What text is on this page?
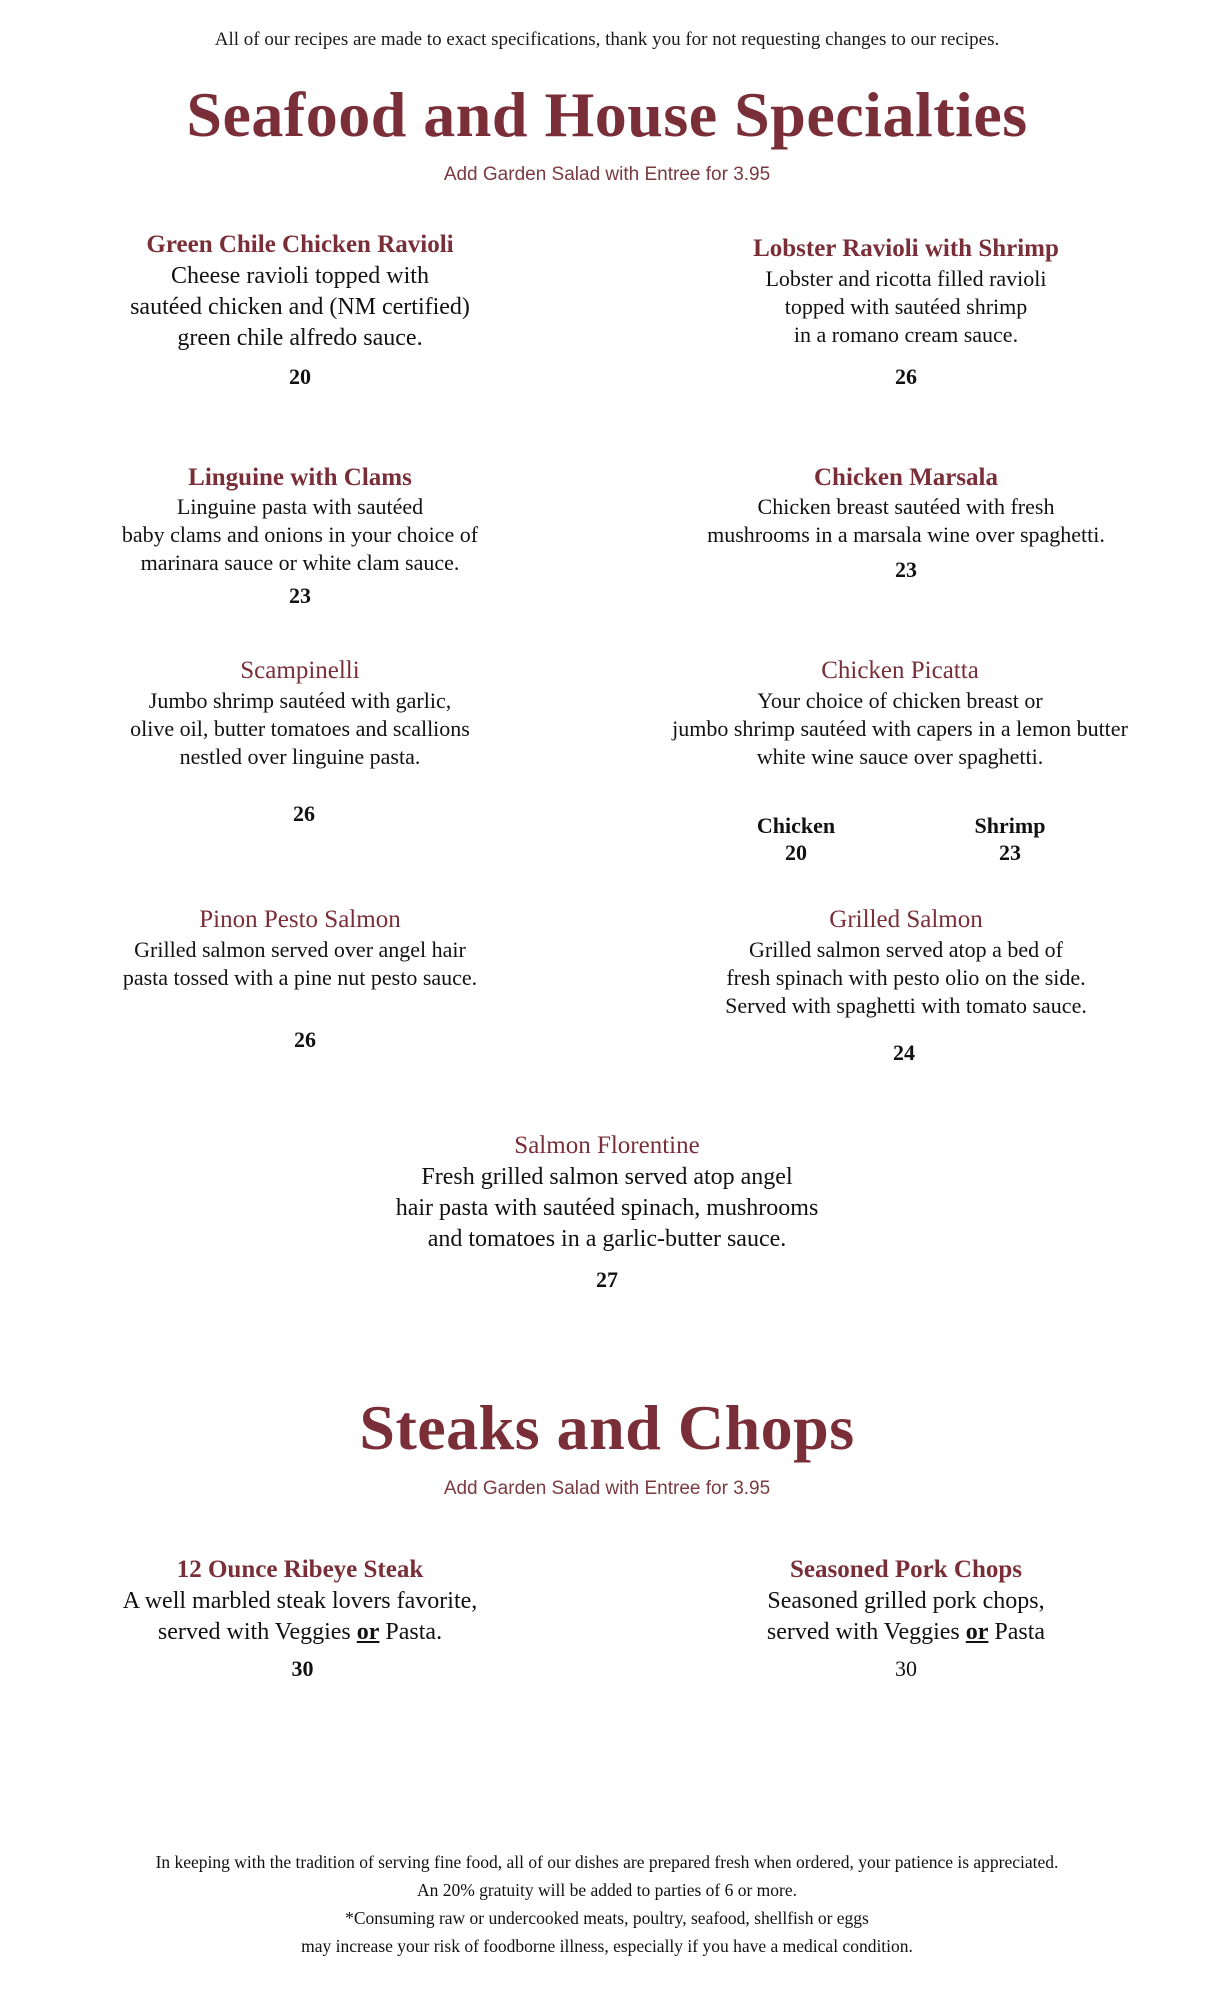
All of our recipes are made to exact specifications, thank you for not requesting changes to our recipes.
Seafood and House Specialties
Add Garden Salad with Entree for 3.95
Green Chile Chicken Ravioli
Cheese ravioli topped with
sautéed chicken and (NM certified)
green chile alfredo sauce.
20
Lobster Ravioli with Shrimp
Lobster and ricotta filled ravioli
topped with sautéed shrimp
in a romano cream sauce.
26
Linguine with Clams
Linguine pasta with sautéed
baby clams and onions in your choice of
marinara sauce or white clam sauce.
23
Chicken Marsala
Chicken breast sautéed with fresh
mushrooms in a marsala wine over spaghetti.
23
Scampinelli
Jumbo shrimp sautéed with garlic,
olive oil, butter tomatoes and scallions
nestled over linguine pasta.
26
Chicken Picatta
Your choice of chicken breast or
jumbo shrimp sautéed with capers in a lemon butter
white wine sauce over spaghetti.
Chicken
20
Shrimp
23
Pinon Pesto Salmon
Grilled salmon served over angel hair
pasta tossed with a pine nut pesto sauce.
26
Grilled Salmon
Grilled salmon served atop a bed of
fresh spinach with pesto olio on the side.
Served with spaghetti with tomato sauce.
24
Salmon Florentine
Fresh grilled salmon served atop angel
hair pasta with sautéed spinach, mushrooms
and tomatoes in a garlic-butter sauce.
27
Steaks and Chops
Add Garden Salad with Entree for 3.95
12 Ounce Ribeye Steak
A well marbled steak lovers favorite,
served with Veggies or Pasta.
30
Seasoned Pork Chops
Seasoned grilled pork chops,
served with Veggies or Pasta
30
In keeping with the tradition of serving fine food, all of our dishes are prepared fresh when ordered, your patience is appreciated.
An 20% gratuity will be added to parties of 6 or more.
*Consuming raw or undercooked meats, poultry, seafood, shellfish or eggs
may increase your risk of foodborne illness, especially if you have a medical condition.
